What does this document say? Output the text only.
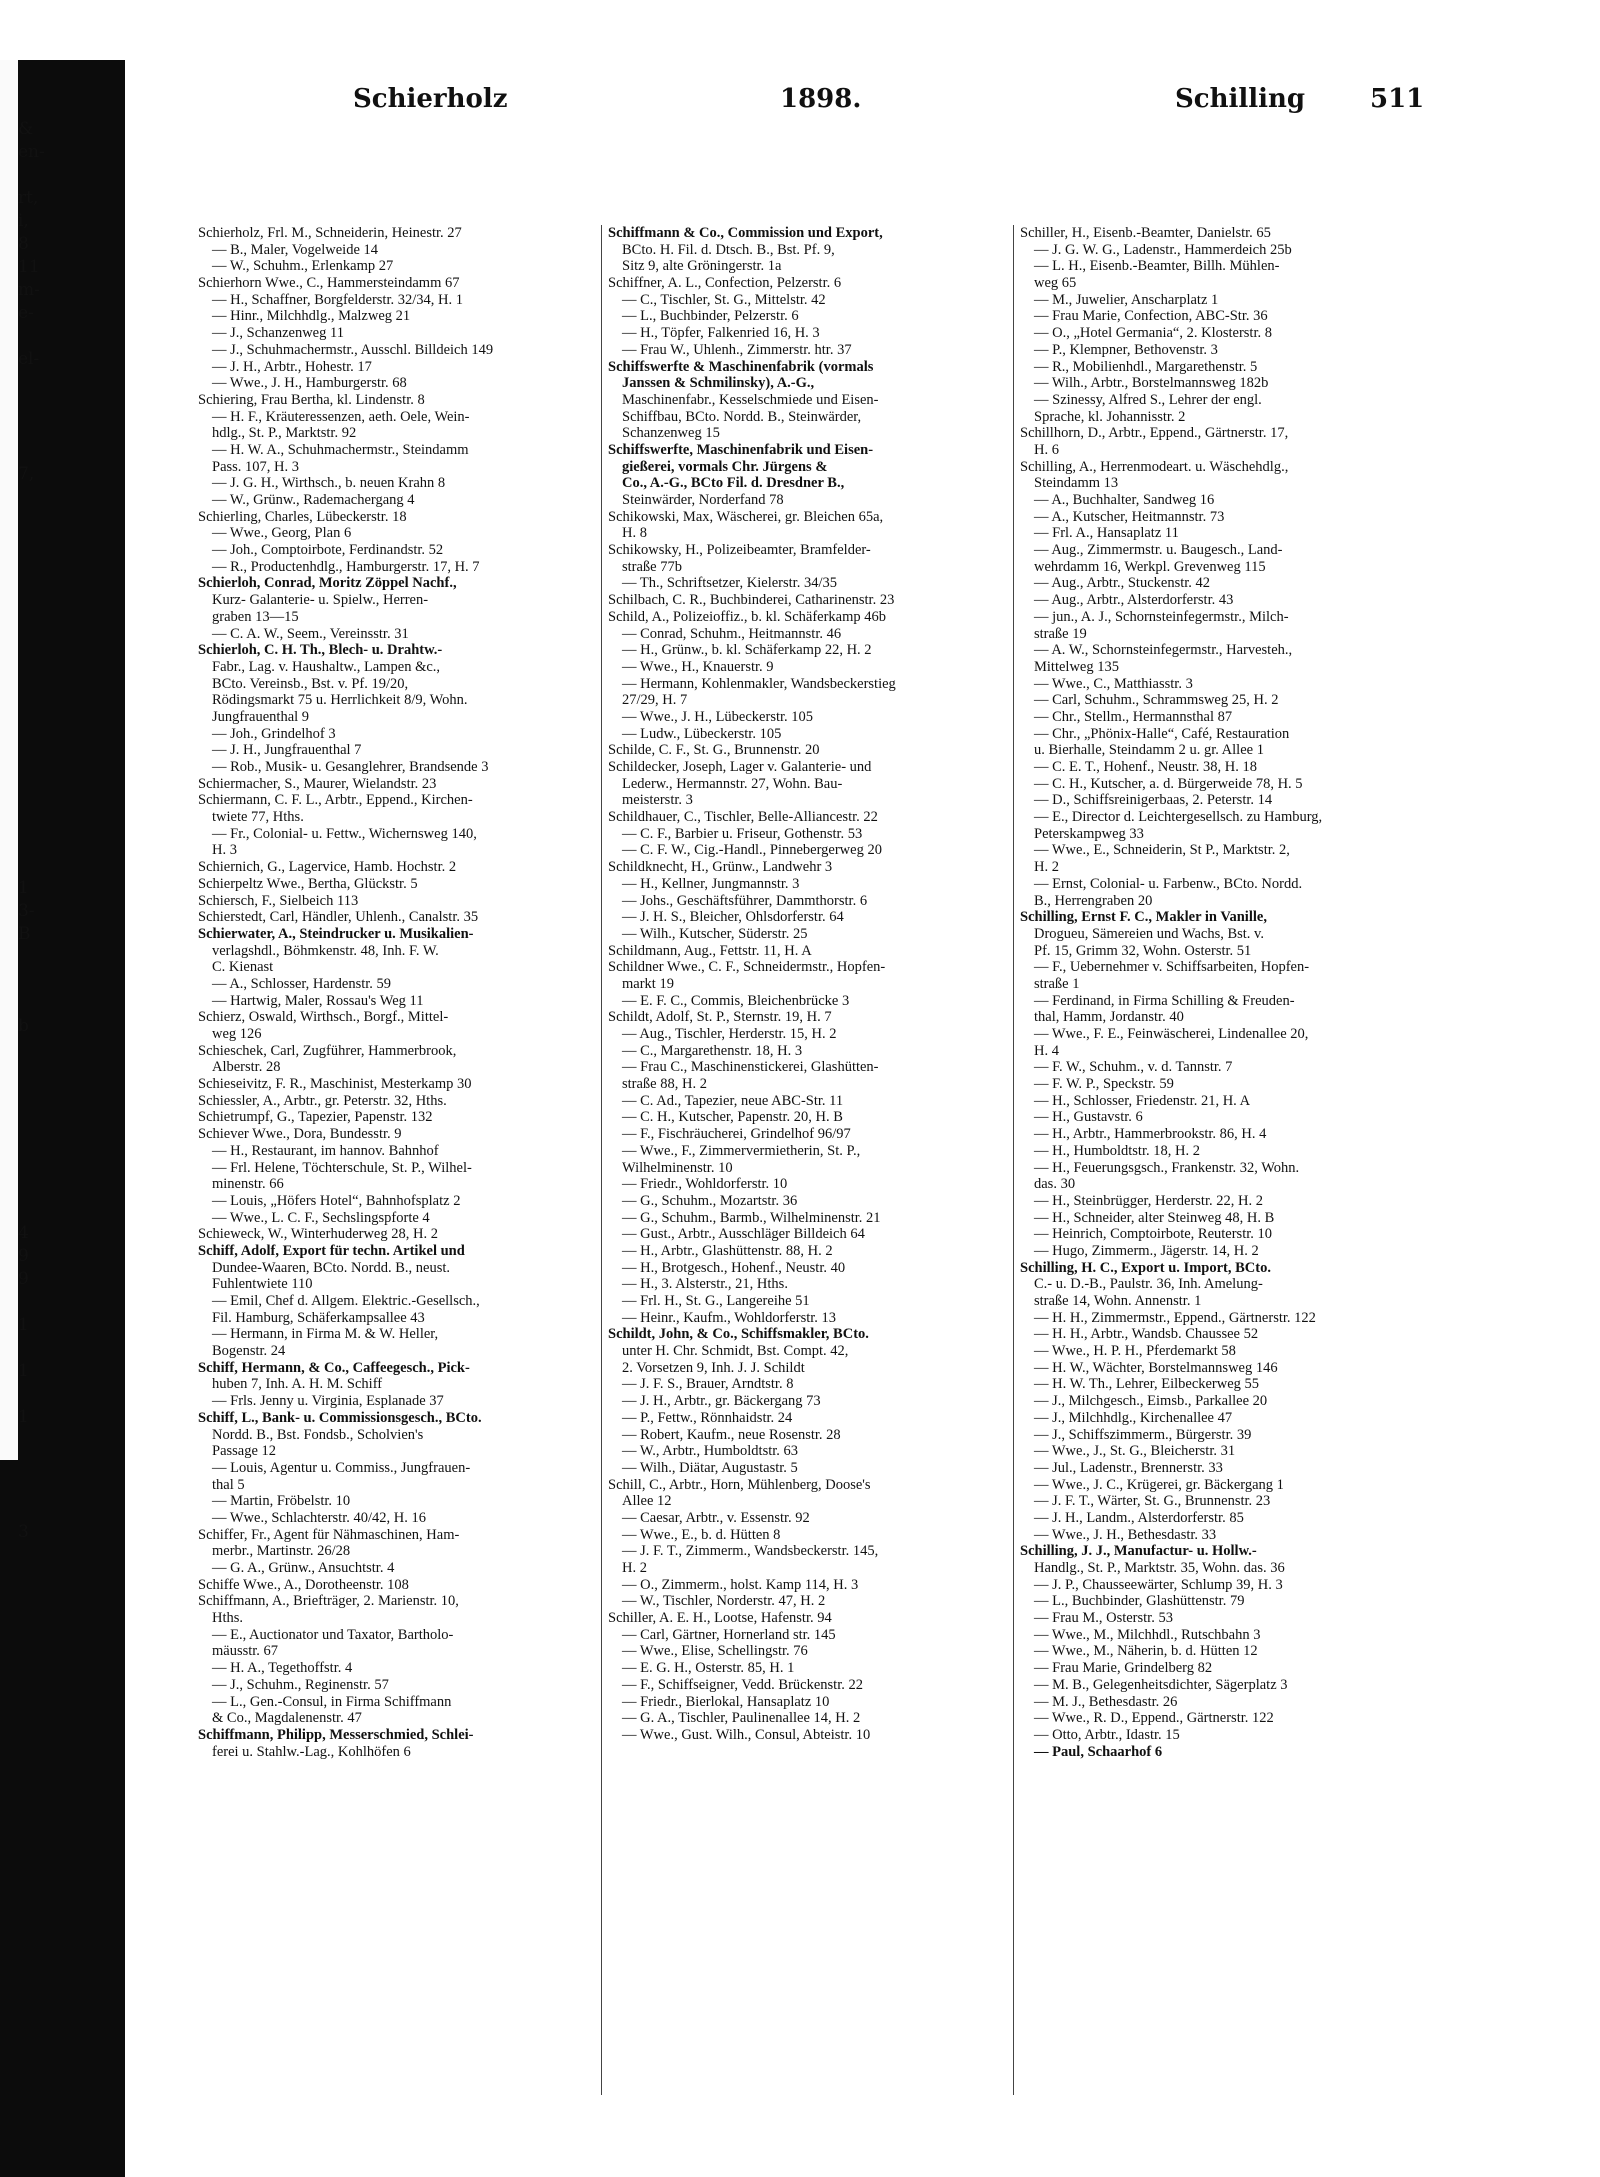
&
en-
rt,
i,
8
11
m-
e-
el-
7,
1
3-
B
b
4
9
9
1
1
1
3
Schierholz	1898.	Schilling 511
Schierholz, Frl. M., Schneiderin, Heinestr. 27
— B., Maler, Vogelweide 14
— W., Schuhm., Erlenkamp 27
Schierhorn Wwe., C., Hammersteindamm 67
— H., Schaffner, Borgfelderstr. 32/34, H. 1
— Hinr., Milchhdlg., Malzweg 21
— J., Schanzenweg 11
— J., Schuhmachermstr., Ausschl. Billdeich 149
— J. H., Arbtr., Hohestr. 17
— Wwe., J. H., Hamburgerstr. 68
Schiering, Frau Bertha, kl. Lindenstr. 8
— H. F., Kräuteressenzen, aeth. Oele, Wein-
hdlg., St. P., Marktstr. 92
— H. W. A., Schuhmachermstr., Steindamm
Pass. 107, H. 3
— J. G. H., Wirthsch., b. neuen Krahn 8
— W., Grünw., Rademachergang 4
Schierling, Charles, Lübeckerstr. 18
— Wwe., Georg, Plan 6
— Joh., Comptoirbote, Ferdinandstr. 52
— R., Productenhdlg., Hamburgerstr. 17, H. 7
Schierloh, Conrad, Moritz Zöppel Nachf.,
Kurz- Galanterie- u. Spielw., Herren-
graben 13—15
— C. A. W., Seem., Vereinsstr. 31
Schierloh, C. H. Th., Blech- u. Drahtw.-
Fabr., Lag. v. Haushaltw., Lampen &c.,
BCto. Vereinsb., Bst. v. Pf. 19/20,
Rödingsmarkt 75 u. Herrlichkeit 8/9, Wohn.
Jungfrauenthal 9
— Joh., Grindelhof 3
— J. H., Jungfrauenthal 7
— Rob., Musik- u. Gesanglehrer, Brandsende 3
Schiermacher, S., Maurer, Wielandstr. 23
Schiermann, C. F. L., Arbtr., Eppend., Kirchen-
twiete 77, Hths.
— Fr., Colonial- u. Fettw., Wichernsweg 140,
H. 3
Schiernich, G., Lagervice, Hamb. Hochstr. 2
Schierpeltz Wwe., Bertha, Glückstr. 5
Schiersch, F., Sielbeich 113
Schierstedt, Carl, Händler, Uhlenh., Canalstr. 35
Schierwater, A., Steindrucker u. Musikalien-
verlagshdl., Böhmkenstr. 48, Inh. F. W.
C. Kienast
— A., Schlosser, Hardenstr. 59
— Hartwig, Maler, Rossau's Weg 11
Schierz, Oswald, Wirthsch., Borgf., Mittel-
weg 126
Schieschek, Carl, Zugführer, Hammerbrook,
Alberstr. 28
Schieseivitz, F. R., Maschinist, Mesterkamp 30
Schiessler, A., Arbtr., gr. Peterstr. 32, Hths.
Schietrumpf, G., Tapezier, Papenstr. 132
Schiever Wwe., Dora, Bundesstr. 9
— H., Restaurant, im hannov. Bahnhof
— Frl. Helene, Töchterschule, St. P., Wilhel-
minenstr. 66
— Louis, „Höfers Hotel“, Bahnhofsplatz 2
— Wwe., L. C. F., Sechslingspforte 4
Schieweck, W., Winterhuderweg 28, H. 2
Schiff, Adolf, Export für techn. Artikel und
Dundee-Waaren, BCto. Nordd. B., neust.
Fuhlentwiete 110
— Emil, Chef d. Allgem. Elektric.-Gesellsch.,
Fil. Hamburg, Schäferkampsallee 43
— Hermann, in Firma M. & W. Heller,
Bogenstr. 24
Schiff, Hermann, & Co., Caffeegesch., Pick-
huben 7, Inh. A. H. M. Schiff
— Frls. Jenny u. Virginia, Esplanade 37
Schiff, L., Bank- u. Commissionsgesch., BCto.
Nordd. B., Bst. Fondsb., Scholvien's
Passage 12
— Louis, Agentur u. Commiss., Jungfrauen-
thal 5
— Martin, Fröbelstr. 10
— Wwe., Schlachterstr. 40/42, H. 16
Schiffer, Fr., Agent für Nähmaschinen, Ham-
merbr., Martinstr. 26/28
— G. A., Grünw., Ansuchtstr. 4
Schiffe Wwe., A., Dorotheenstr. 108
Schiffmann, A., Briefträger, 2. Marienstr. 10,
Hths.
— E., Auctionator und Taxator, Bartholo-
mäusstr. 67
— H. A., Tegethoffstr. 4
— J., Schuhm., Reginenstr. 57
— L., Gen.-Consul, in Firma Schiffmann
& Co., Magdalenenstr. 47
Schiffmann, Philipp, Messerschmied, Schlei-
ferei u. Stahlw.-Lag., Kohlhöfen 6
Schiffmann & Co., Commission und Export,
BCto. H. Fil. d. Dtsch. B., Bst. Pf. 9,
Sitz 9, alte Gröningerstr. 1a
Schiffner, A. L., Confection, Pelzerstr. 6
— C., Tischler, St. G., Mittelstr. 42
— L., Buchbinder, Pelzerstr. 6
— H., Töpfer, Falkenried 16, H. 3
— Frau W., Uhlenh., Zimmerstr. htr. 37
Schiffswerfte & Maschinenfabrik (vormals
Janssen & Schmilinsky), A.-G.,
Maschinenfabr., Kesselschmiede und Eisen-
Schiffbau, BCto. Nordd. B., Steinwärder,
Schanzenweg 15
Schiffswerfte, Maschinenfabrik und Eisen-
gießerei, vormals Chr. Jürgens &
Co., A.-G., BCto Fil. d. Dresdner B.,
Steinwärder, Norderfand 78
Schikowski, Max, Wäscherei, gr. Bleichen 65a,
H. 8
Schikowsky, H., Polizeibeamter, Bramfelder-
straße 77b
— Th., Schriftsetzer, Kielerstr. 34/35
Schilbach, C. R., Buchbinderei, Catharinenstr. 23
Schild, A., Polizeioffiz., b. kl. Schäferkamp 46b
— Conrad, Schuhm., Heitmannstr. 46
— H., Grünw., b. kl. Schäferkamp 22, H. 2
— Wwe., H., Knauerstr. 9
— Hermann, Kohlenmakler, Wandsbeckerstieg
27/29, H. 7
— Wwe., J. H., Lübeckerstr. 105
— Ludw., Lübeckerstr. 105
Schilde, C. F., St. G., Brunnenstr. 20
Schildecker, Joseph, Lager v. Galanterie- und
Lederw., Hermannstr. 27, Wohn. Bau-
meisterstr. 3
Schildhauer, C., Tischler, Belle-Alliancestr. 22
— C. F., Barbier u. Friseur, Gothenstr. 53
— C. F. W., Cig.-Handl., Pinnebergerweg 20
Schildknecht, H., Grünw., Landwehr 3
— H., Kellner, Jungmannstr. 3
— Johs., Geschäftsführer, Dammthorstr. 6
— J. H. S., Bleicher, Ohlsdorferstr. 64
— Wilh., Kutscher, Süderstr. 25
Schildmann, Aug., Fettstr. 11, H. A
Schildner Wwe., C. F., Schneidermstr., Hopfen-
markt 19
— E. F. C., Commis, Bleichenbrücke 3
Schildt, Adolf, St. P., Sternstr. 19, H. 7
— Aug., Tischler, Herderstr. 15, H. 2
— C., Margarethenstr. 18, H. 3
— Frau C., Maschinenstickerei, Glashütten-
straße 88, H. 2
— C. Ad., Tapezier, neue ABC-Str. 11
— C. H., Kutscher, Papenstr. 20, H. B
— F., Fischräucherei, Grindelhof 96/97
— Wwe., F., Zimmervermietherin, St. P.,
Wilhelminenstr. 10
— Friedr., Wohldorferstr. 10
— G., Schuhm., Mozartstr. 36
— G., Schuhm., Barmb., Wilhelminenstr. 21
— Gust., Arbtr., Ausschläger Billdeich 64
— H., Arbtr., Glashüttenstr. 88, H. 2
— H., Brotgesch., Hohenf., Neustr. 40
— H., 3. Alsterstr., 21, Hths.
— Frl. H., St. G., Langereihe 51
— Heinr., Kaufm., Wohldorferstr. 13
Schildt, John, & Co., Schiffsmakler, BCto.
unter H. Chr. Schmidt, Bst. Compt. 42,
2. Vorsetzen 9, Inh. J. J. Schildt
— J. F. S., Brauer, Arndtstr. 8
— J. H., Arbtr., gr. Bäckergang 73
— P., Fettw., Rönnhaidstr. 24
— Robert, Kaufm., neue Rosenstr. 28
— W., Arbtr., Humboldtstr. 63
— Wilh., Diätar, Augustastr. 5
Schill, C., Arbtr., Horn, Mühlenberg, Doose's
Allee 12
— Caesar, Arbtr., v. Essenstr. 92
— Wwe., E., b. d. Hütten 8
— J. F. T., Zimmerm., Wandsbeckerstr. 145,
H. 2
— O., Zimmerm., holst. Kamp 114, H. 3
— W., Tischler, Norderstr. 47, H. 2
Schiller, A. E. H., Lootse, Hafenstr. 94
— Carl, Gärtner, Hornerland str. 145
— Wwe., Elise, Schellingstr. 76
— E. G. H., Osterstr. 85, H. 1
— F., Schiffseigner, Vedd. Brückenstr. 22
— Friedr., Bierlokal, Hansaplatz 10
— G. A., Tischler, Paulinenallee 14, H. 2
— Wwe., Gust. Wilh., Consul, Abteistr. 10
Schiller, H., Eisenb.-Beamter, Danielstr. 65
— J. G. W. G., Ladenstr., Hammerdeich 25b
— L. H., Eisenb.-Beamter, Billh. Mühlen-
weg 65
— M., Juwelier, Anscharplatz 1
— Frau Marie, Confection, ABC-Str. 36
— O., „Hotel Germania“, 2. Klosterstr. 8
— P., Klempner, Bethovenstr. 3
— R., Mobilienhdl., Margarethenstr. 5
— Wilh., Arbtr., Borstelmannsweg 182b
— Szinessy, Alfred S., Lehrer der engl.
Sprache, kl. Johannisstr. 2
Schillhorn, D., Arbtr., Eppend., Gärtnerstr. 17,
H. 6
Schilling, A., Herrenmodeart. u. Wäschehdlg.,
Steindamm 13
— A., Buchhalter, Sandweg 16
— A., Kutscher, Heitmannstr. 73
— Frl. A., Hansaplatz 11
— Aug., Zimmermstr. u. Baugesch., Land-
wehrdamm 16, Werkpl. Grevenweg 115
— Aug., Arbtr., Stuckenstr. 42
— Aug., Arbtr., Alsterdorferstr. 43
— jun., A. J., Schornsteinfegermstr., Milch-
straße 19
— A. W., Schornsteinfegermstr., Harvesteh.,
Mittelweg 135
— Wwe., C., Matthiasstr. 3
— Carl, Schuhm., Schrammsweg 25, H. 2
— Chr., Stellm., Hermannsthal 87
— Chr., „Phönix-Halle“, Café, Restauration
u. Bierhalle, Steindamm 2 u. gr. Allee 1
— C. E. T., Hohenf., Neustr. 38, H. 18
— C. H., Kutscher, a. d. Bürgerweide 78, H. 5
— D., Schiffsreinigerbaas, 2. Peterstr. 14
— E., Director d. Leichtergesellsch. zu Hamburg,
Peterskampweg 33
— Wwe., E., Schneiderin, St P., Marktstr. 2,
H. 2
— Ernst, Colonial- u. Farbenw., BCto. Nordd.
B., Herrengraben 20
Schilling, Ernst F. C., Makler in Vanille,
Drogueu, Sämereien und Wachs, Bst. v.
Pf. 15, Grimm 32, Wohn. Osterstr. 51
— F., Uebernehmer v. Schiffsarbeiten, Hopfen-
straße 1
— Ferdinand, in Firma Schilling & Freuden-
thal, Hamm, Jordanstr. 40
— Wwe., F. E., Feinwäscherei, Lindenallee 20,
H. 4
— F. W., Schuhm., v. d. Tannstr. 7
— F. W. P., Speckstr. 59
— H., Schlosser, Friedenstr. 21, H. A
— H., Gustavstr. 6
— H., Arbtr., Hammerbrookstr. 86, H. 4
— H., Humboldtstr. 18, H. 2
— H., Feuerungsgsch., Frankenstr. 32, Wohn.
das. 30
— H., Steinbrügger, Herderstr. 22, H. 2
— H., Schneider, alter Steinweg 48, H. B
— Heinrich, Comptoirbote, Reuterstr. 10
— Hugo, Zimmerm., Jägerstr. 14, H. 2
Schilling, H. C., Export u. Import, BCto.
C.- u. D.-B., Paulstr. 36, Inh. Amelung-
straße 14, Wohn. Annenstr. 1
— H. H., Zimmermstr., Eppend., Gärtnerstr. 122
— H. H., Arbtr., Wandsb. Chaussee 52
— Wwe., H. P. H., Pferdemarkt 58
— H. W., Wächter, Borstelmannsweg 146
— H. W. Th., Lehrer, Eilbeckerweg 55
— J., Milchgesch., Eimsb., Parkallee 20
— J., Milchhdlg., Kirchenallee 47
— J., Schiffszimmerm., Bürgerstr. 39
— Wwe., J., St. G., Bleicherstr. 31
— Jul., Ladenstr., Brennerstr. 33
— Wwe., J. C., Krügerei, gr. Bäckergang 1
— J. F. T., Wärter, St. G., Brunnenstr. 23
— J. H., Landm., Alsterdorferstr. 85
— Wwe., J. H., Bethesdastr. 33
Schilling, J. J., Manufactur- u. Hollw.-
Handlg., St. P., Marktstr. 35, Wohn. das. 36
— J. P., Chausseewärter, Schlump 39, H. 3
— L., Buchbinder, Glashüttenstr. 79
— Frau M., Osterstr. 53
— Wwe., M., Milchhdl., Rutschbahn 3
— Wwe., M., Näherin, b. d. Hütten 12
— Frau Marie, Grindelberg 82
— M. B., Gelegenheitsdichter, Sägerplatz 3
— M. J., Bethesdastr. 26
— Wwe., R. D., Eppend., Gärtnerstr. 122
— Otto, Arbtr., Idastr. 15
— Paul, Schaarhof 6
